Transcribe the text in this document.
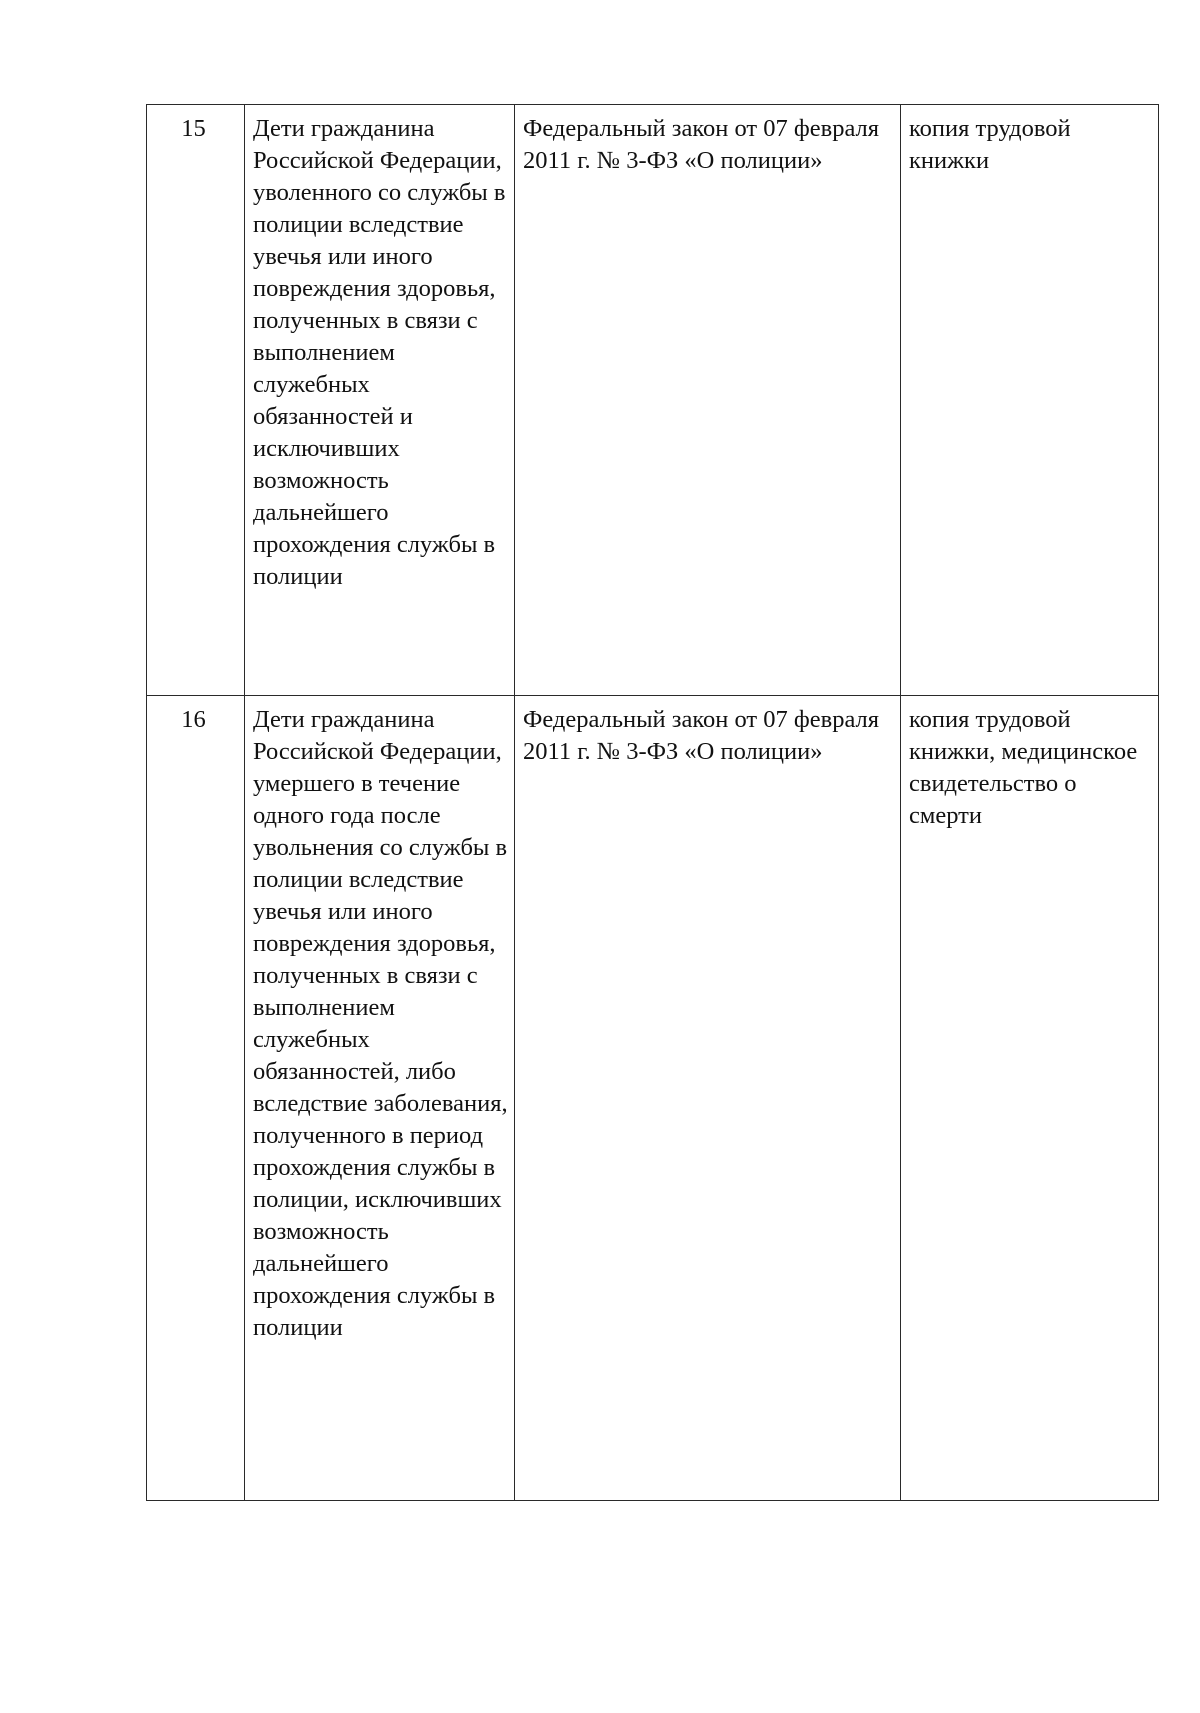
15	Дети гражданина Российской Федерации, уволенного со службы в полиции вследствие увечья или иного повреждения здоровья, полученных в связи с выполнением служебных обязанностей и исключивших возможность дальнейшего прохождения службы в полиции	Федеральный закон от 07 февраля 2011 г. № 3-ФЗ «О полиции»	копия трудовой книжки

16	Дети гражданина Российской Федерации, умершего в течение одного года после увольнения со службы в полиции вследствие увечья или иного повреждения здоровья, полученных в связи с выполнением служебных обязанностей, либо вследствие заболевания, полученного в период прохождения службы в полиции, исключивших возможность дальнейшего прохождения службы в полиции	Федеральный закон от 07 февраля 2011 г. № 3-ФЗ «О полиции»	копия трудовой книжки, медицинское свидетельство о смерти
